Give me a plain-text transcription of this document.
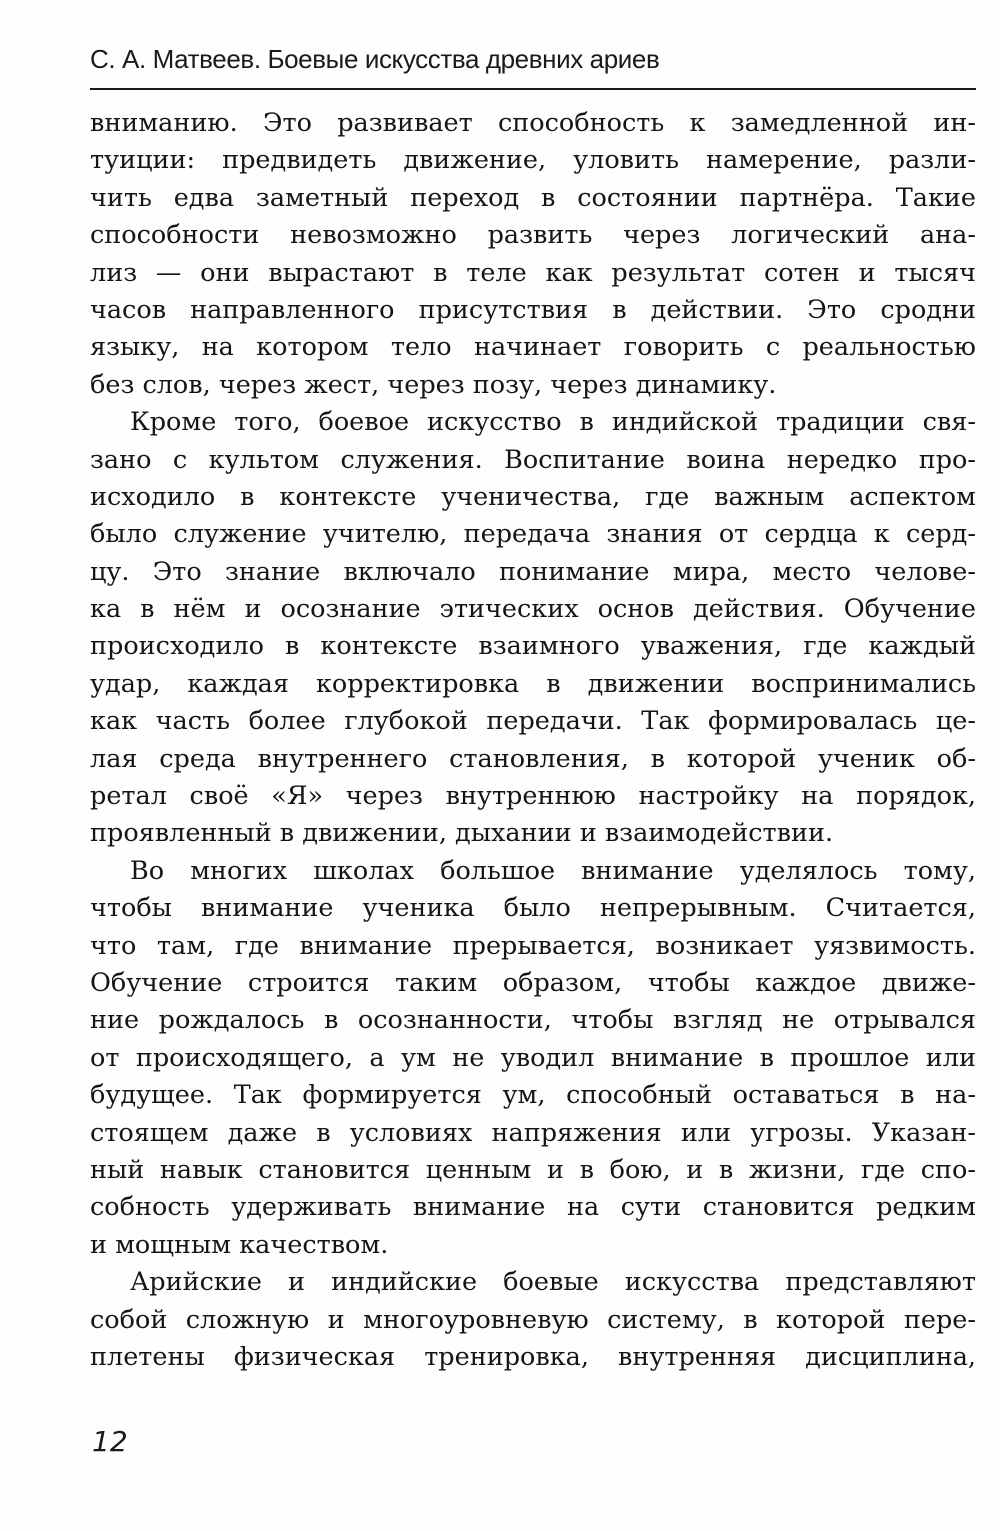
С. А. Матвеев. Боевые искусства древних ариев
вниманию. Это развивает способность к замедленной ин-
туиции: предвидеть движение, уловить намерение, разли-
чить едва заметный переход в состоянии партнёра. Такие
способности невозможно развить через логический ана-
лиз — они вырастают в теле как результат сотен и тысяч
часов направленного присутствия в действии. Это сродни
языку, на котором тело начинает говорить с реальностью
без слов, через жест, через позу, через динамику.
Кроме того, боевое искусство в индийской традиции свя-
зано с культом служения. Воспитание воина нередко про-
исходило в контексте ученичества, где важным аспектом
было служение учителю, передача знания от сердца к серд-
цу. Это знание включало понимание мира, место челове-
ка в нём и осознание этических основ действия. Обучение
происходило в контексте взаимного уважения, где каждый
удар, каждая корректировка в движении воспринимались
как часть более глубокой передачи. Так формировалась це-
лая среда внутреннего становления, в которой ученик об-
ретал своё «Я» через внутреннюю настройку на порядок,
проявленный в движении, дыхании и взаимодействии.
Во многих школах большое внимание уделялось тому,
чтобы внимание ученика было непрерывным. Считается,
что там, где внимание прерывается, возникает уязвимость.
Обучение строится таким образом, чтобы каждое движе-
ние рождалось в осознанности, чтобы взгляд не отрывался
от происходящего, а ум не уводил внимание в прошлое или
будущее. Так формируется ум, способный оставаться в на-
стоящем даже в условиях напряжения или угрозы. Указан-
ный навык становится ценным и в бою, и в жизни, где спо-
собность удерживать внимание на сути становится редким
и мощным качеством.
Арийские и индийские боевые искусства представляют
собой сложную и многоуровневую систему, в которой пере-
плетены физическая тренировка, внутренняя дисциплина,
12
